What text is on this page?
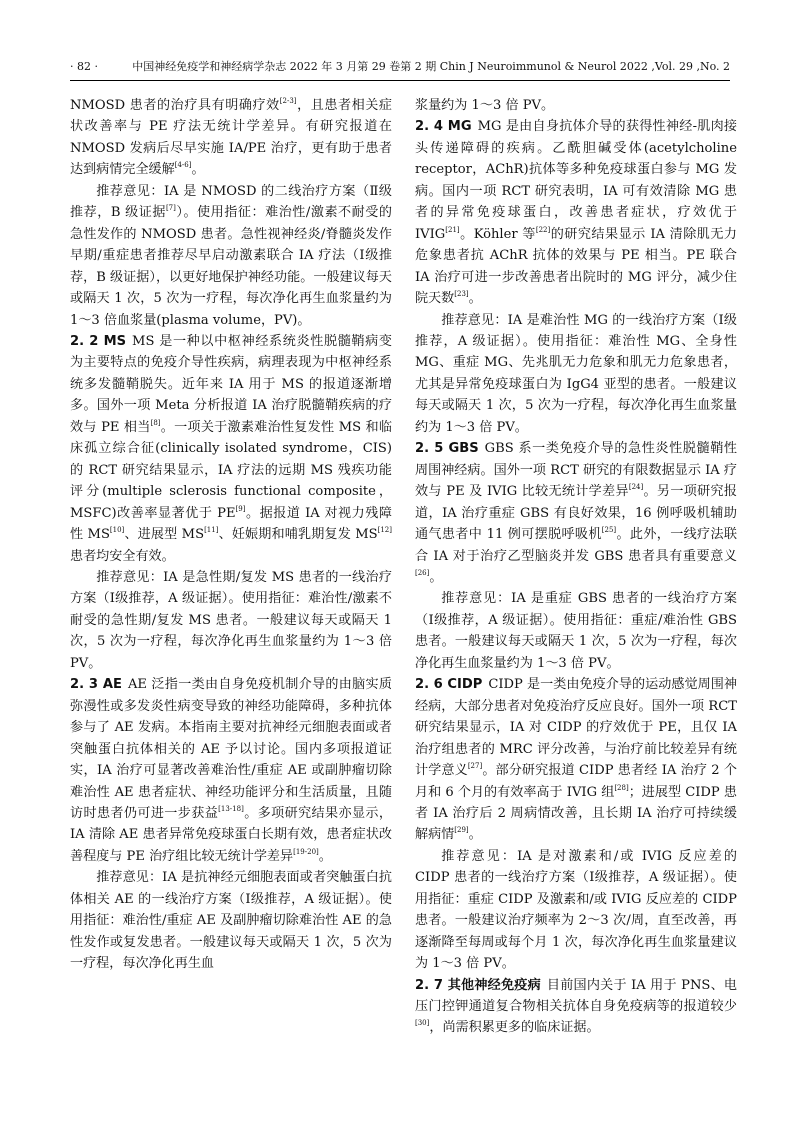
· 82 ·	中国神经免疫学和神经病学杂志 2022 年 3 月第 29 卷第 2 期 Chin J Neuroimmunol & Neurol 2022 ,Vol. 29 ,No. 2

NMOSD 患者的治疗具有明确疗效[2-3]，且患者相关症状改善率与 PE 疗法无统计学差异。有研究报道在 NMOSD 发病后尽早实施 IA/PE 治疗，更有助于患者达到病情完全缓解[4-6]。

推荐意见：IA 是 NMOSD 的二线治疗方案（Ⅱ级推荐，B 级证据[7]）。使用指征：难治性/激素不耐受的急性发作的 NMOSD 患者。急性视神经炎/脊髓炎发作早期/重症患者推荐尽早启动激素联合 IA 疗法（Ⅰ级推荐，B 级证据），以更好地保护神经功能。一般建议每天或隔天 1 次，5 次为一疗程，每次净化再生血浆量约为 1～3 倍血浆量(plasma volume，PV)。

2. 2 MS MS 是一种以中枢神经系统炎性脱髓鞘病变为主要特点的免疫介导性疾病，病理表现为中枢神经系统多发髓鞘脱失。近年来 IA 用于 MS 的报道逐渐增多。国外一项 Meta 分析报道 IA 治疗脱髓鞘疾病的疗效与 PE 相当[8]。一项关于激素难治性复发性 MS 和临床孤立综合征(clinically isolated syndrome，CIS)的 RCT 研究结果显示，IA 疗法的远期 MS 残疾功能评分(multiple sclerosis functional composite，MSFC)改善率显著优于 PE[9]。据报道 IA 对视力残障性 MS[10]、进展型 MS[11]、妊娠期和哺乳期复发 MS[12]患者均安全有效。

推荐意见：IA 是急性期/复发 MS 患者的一线治疗方案（Ⅰ级推荐，A 级证据）。使用指征：难治性/激素不耐受的急性期/复发 MS 患者。一般建议每天或隔天 1 次，5 次为一疗程，每次净化再生血浆量约为 1～3 倍 PV。

2. 3 AE AE 泛指一类由自身免疫机制介导的由脑实质弥漫性或多发炎性病变导致的神经功能障碍，多种抗体参与了 AE 发病。本指南主要对抗神经元细胞表面或者突触蛋白抗体相关的 AE 予以讨论。国内多项报道证实，IA 治疗可显著改善难治性/重症 AE 或副肿瘤切除难治性 AE 患者症状、神经功能评分和生活质量，且随访时患者仍可进一步获益[13-18]。多项研究结果亦显示，IA 清除 AE 患者异常免疫球蛋白长期有效，患者症状改善程度与 PE 治疗组比较无统计学差异[19-20]。

推荐意见：IA 是抗神经元细胞表面或者突触蛋白抗体相关 AE 的一线治疗方案（Ⅰ级推荐，A 级证据）。使用指征：难治性/重症 AE 及副肿瘤切除难治性 AE 的急性发作或复发患者。一般建议每天或隔天 1 次，5 次为一疗程，每次净化再生血

浆量约为 1～3 倍 PV。

2. 4 MG MG 是由自身抗体介导的获得性神经-肌肉接头传递障碍的疾病。乙酰胆碱受体(acetylcholine receptor，AChR)抗体等多种免疫球蛋白参与 MG 发病。国内一项 RCT 研究表明，IA 可有效清除 MG 患者的异常免疫球蛋白，改善患者症状，疗效优于 IVIG[21]。Köhler 等[22]的研究结果显示 IA 清除肌无力危象患者抗 AChR 抗体的效果与 PE 相当。PE 联合 IA 治疗可进一步改善患者出院时的 MG 评分，减少住院天数[23]。

推荐意见：IA 是难治性 MG 的一线治疗方案（Ⅰ级推荐，A 级证据）。使用指征：难治性 MG、全身性 MG、重症 MG、先兆肌无力危象和肌无力危象患者，尤其是异常免疫球蛋白为 IgG4 亚型的患者。一般建议每天或隔天 1 次，5 次为一疗程，每次净化再生血浆量约为 1～3 倍 PV。

2. 5 GBS GBS 系一类免疫介导的急性炎性脱髓鞘性周围神经病。国外一项 RCT 研究的有限数据显示 IA 疗效与 PE 及 IVIG 比较无统计学差异[24]。另一项研究报道，IA 治疗重症 GBS 有良好效果，16 例呼吸机辅助通气患者中 11 例可摆脱呼吸机[25]。此外，一线疗法联合 IA 对于治疗乙型脑炎并发 GBS 患者具有重要意义[26]。

推荐意见：IA 是重症 GBS 患者的一线治疗方案（Ⅰ级推荐，A 级证据）。使用指征：重症/难治性 GBS 患者。一般建议每天或隔天 1 次，5 次为一疗程，每次净化再生血浆量约为 1～3 倍 PV。

2. 6 CIDP CIDP 是一类由免疫介导的运动感觉周围神经病，大部分患者对免疫治疗反应良好。国外一项 RCT 研究结果显示，IA 对 CIDP 的疗效优于 PE，且仅 IA 治疗组患者的 MRC 评分改善，与治疗前比较差异有统计学意义[27]。部分研究报道 CIDP 患者经 IA 治疗 2 个月和 6 个月的有效率高于 IVIG 组[28]；进展型 CIDP 患者 IA 治疗后 2 周病情改善，且长期 IA 治疗可持续缓解病情[29]。

推荐意见：IA 是对激素和/或 IVIG 反应差的 CIDP 患者的一线治疗方案（Ⅰ级推荐，A 级证据）。使用指征：重症 CIDP 及激素和/或 IVIG 反应差的 CIDP 患者。一般建议治疗频率为 2～3 次/周，直至改善，再逐渐降至每周或每个月 1 次，每次净化再生血浆量建议为 1～3 倍 PV。

2. 7 其他神经免疫病 目前国内关于 IA 用于 PNS、电压门控钾通道复合物相关抗体自身免疫病等的报道较少[30]，尚需积累更多的临床证据。
